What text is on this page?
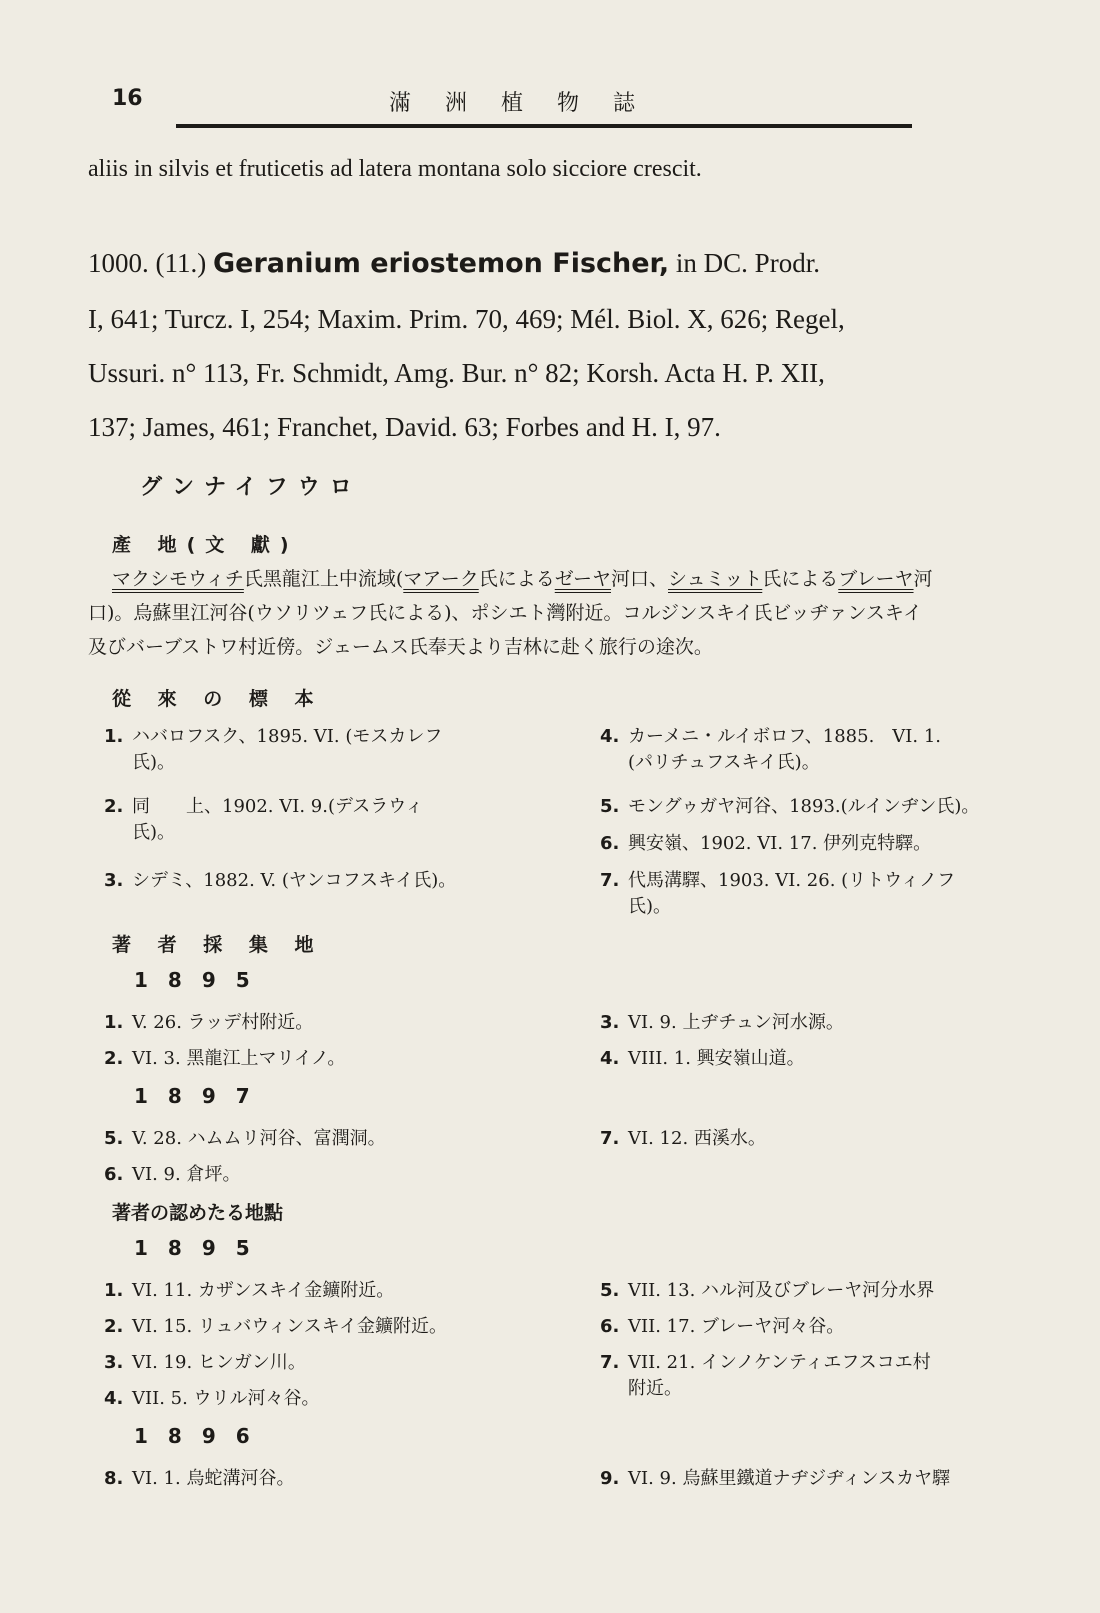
16	滿洲植物誌
aliis in silvis et fruticetis ad latera montana solo sicciore crescit.
1000. (11.) Geranium eriostemon Fischer, in DC. Prodr.
I, 641; Turcz. I, 254; Maxim. Prim. 70, 469; Mél. Biol. X, 626; Regel,
Ussuri. n° 113, Fr. Schmidt, Amg. Bur. n° 82; Korsh. Acta H. P. XII,
137; James, 461; Franchet, David. 63; Forbes and H. I, 97.
グンナイフウロ
產 地(文 獻)
マクシモウィチ氏黑龍江上中流域(マアーク氏によるゼーヤ河口、シュミット氏によるブレーヤ河
口)。烏蘇里江河谷(ウソリツェフ氏による)、ポシエト灣附近。コルジンスキイ氏ビッヂァンスキイ
及びバーブストワ村近傍。ジェームス氏奉天より吉林に赴く旅行の途次。
從 來 の 標 本
1. ハバロフスク、1895. VI. (モスカレフ
氏)。
2. 同　　上、1902. VI. 9.(デスラウィ
氏)。
3. シデミ、1882. V. (ヤンコフスキイ氏)。
4. カーメニ・ルイボロフ、1885.　VI. 1.
(パリチュフスキイ氏)。
5. モングゥガヤ河谷、1893.(ルインヂン氏)。
6. 興安嶺、1902. VI. 17. 伊列克特驛。
7. 代馬溝驛、1903. VI. 26. (リトウィノフ
氏)。
著 者 採 集 地
1895
1. V. 26. ラッデ村附近。
2. VI. 3. 黑龍江上マリイノ。
3. VI. 9. 上ヂチュン河水源。
4. VIII. 1. 興安嶺山道。
1897
5. V. 28. ハムムリ河谷、富潤洞。
6. VI. 9. 倉坪。
7. VI. 12. 西溪水。
著者の認めたる地點
1895
1. VI. 11. カザンスキイ金鑛附近。
2. VI. 15. リュバウィンスキイ金鑛附近。
3. VI. 19. ヒンガン川。
4. VII. 5. ウリル河々谷。
5. VII. 13. ハル河及びブレーヤ河分水界
6. VII. 17. ブレーヤ河々谷。
7. VII. 21. インノケンティエフスコエ村
附近。
1896
8. VI. 1. 烏蛇溝河谷。	9. VI. 9. 烏蘇里鐵道ナヂジヂィンスカヤ驛
